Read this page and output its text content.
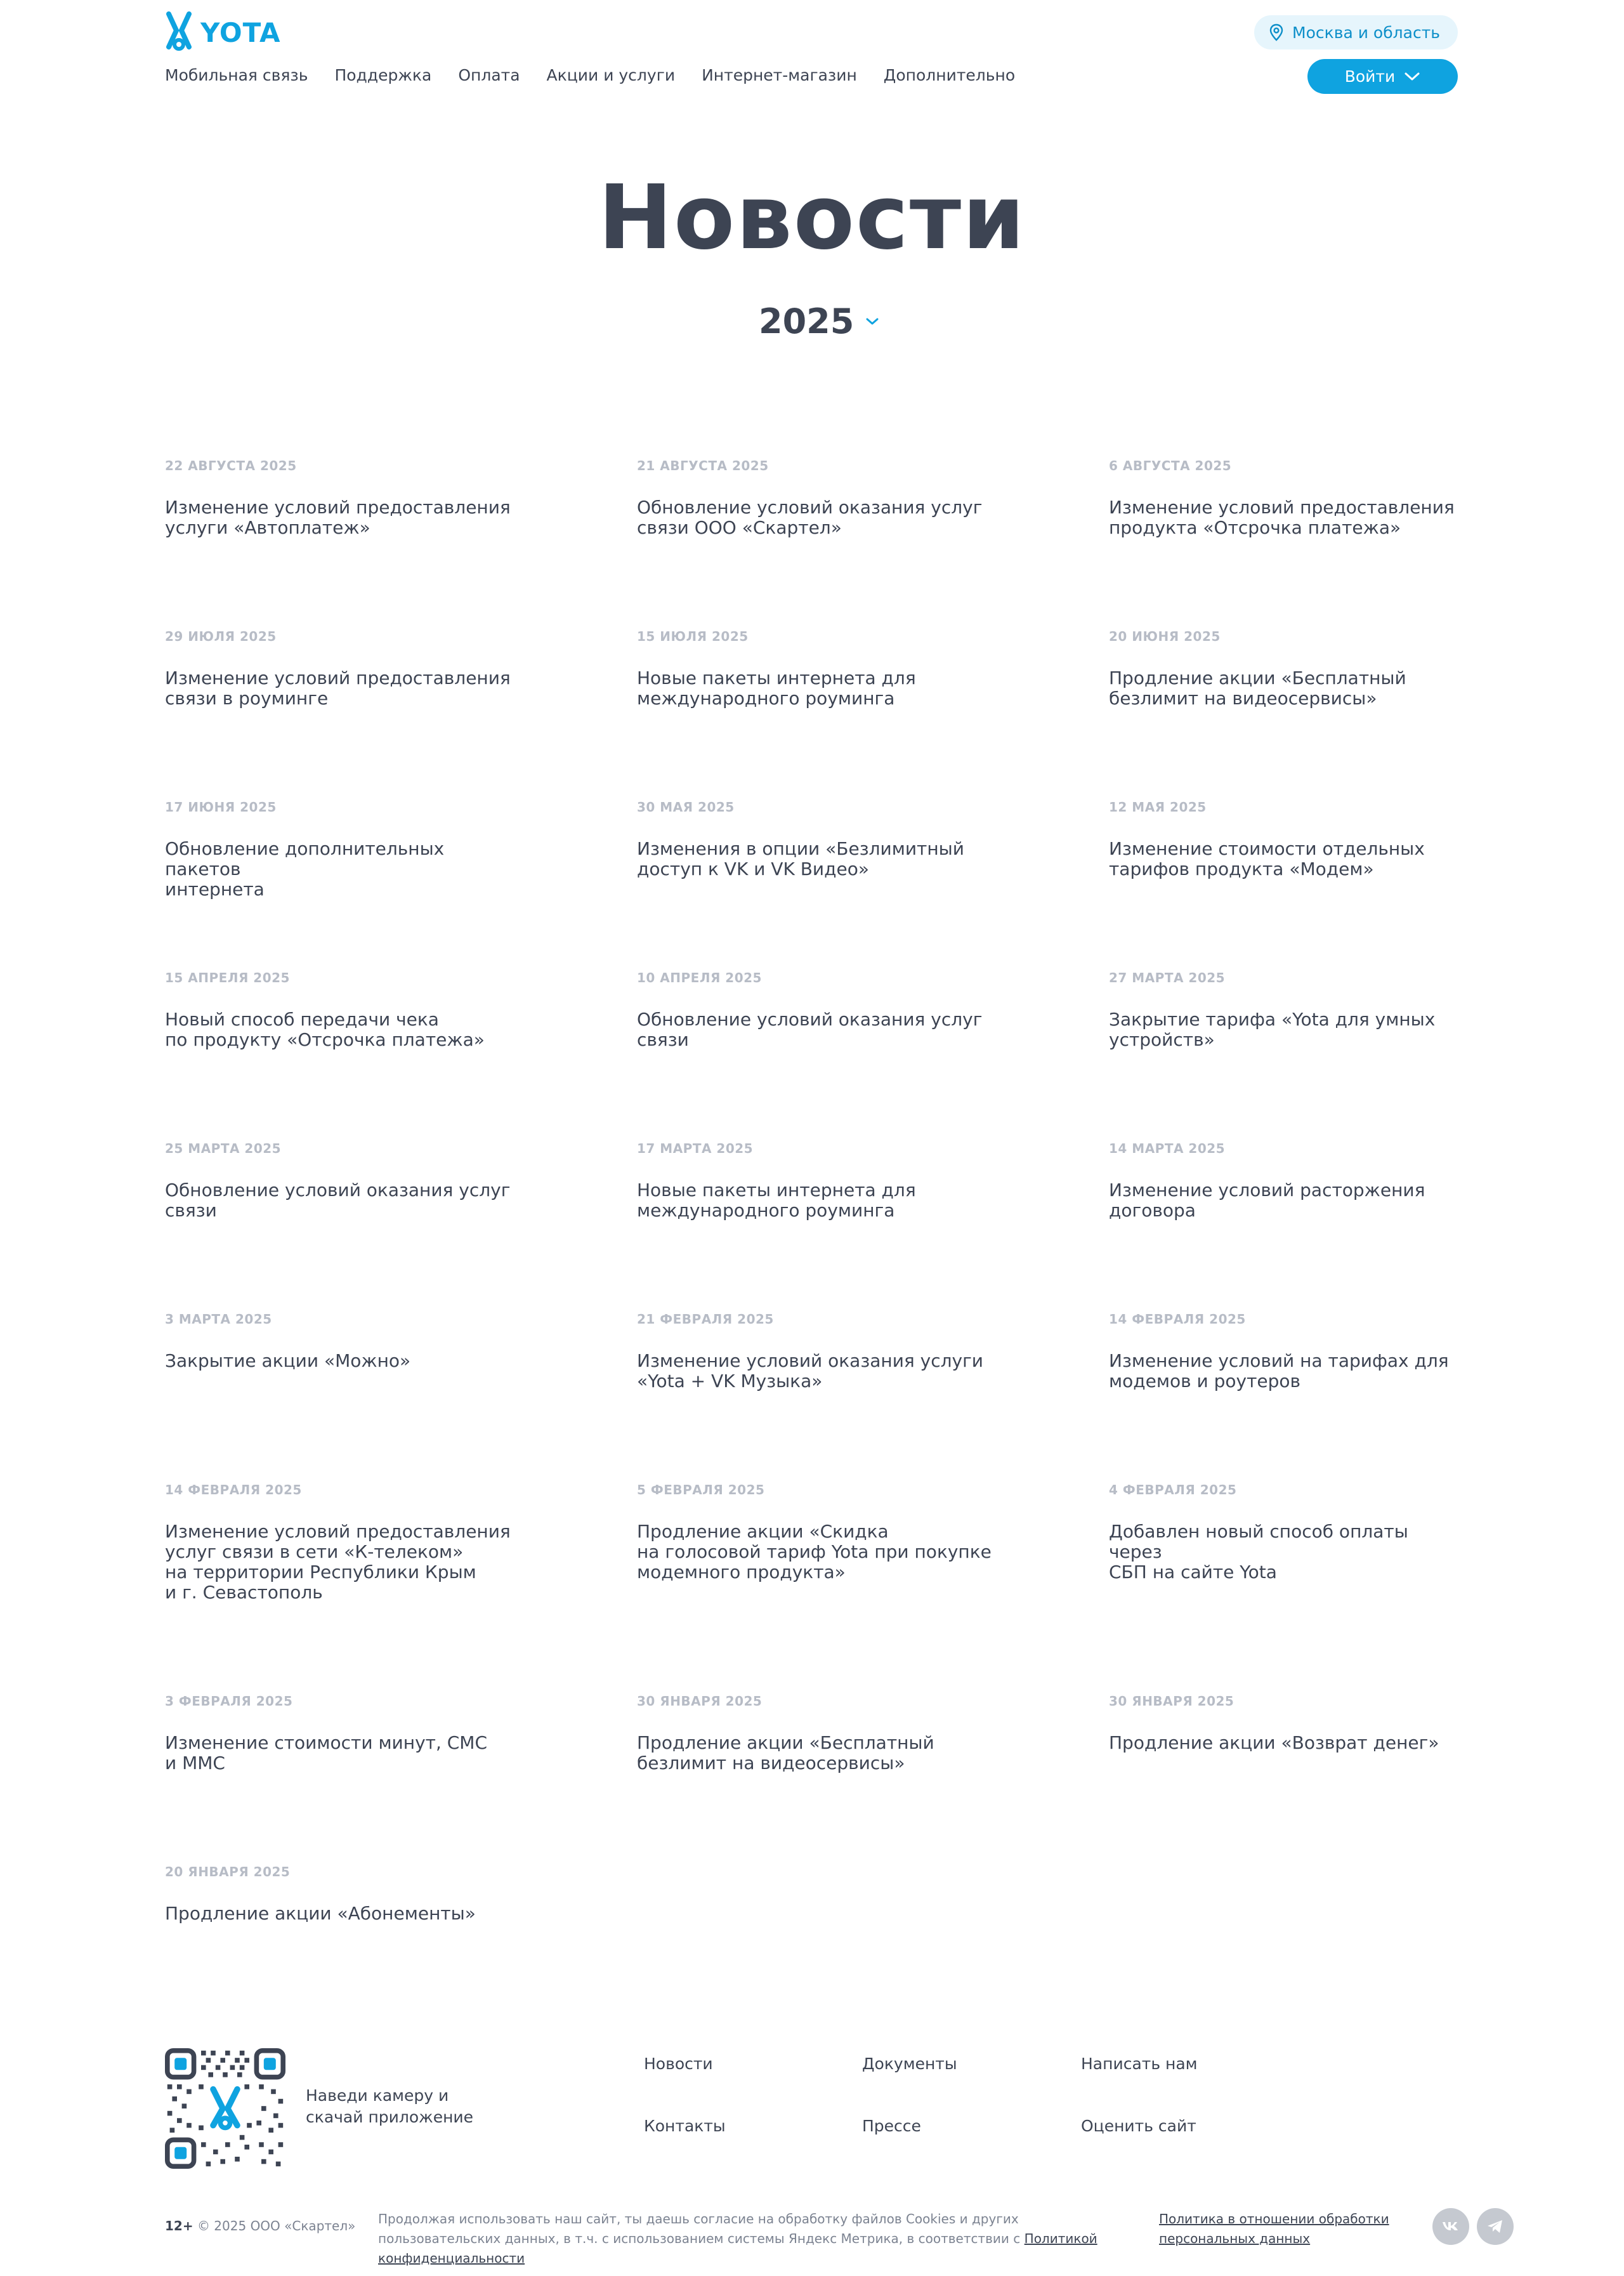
YOTA	Москва и область
Мобильная связь Поддержка Оплата Акции и услуги Интернет-магазин Дополнительно	Войти
Новости
2025
22 АВГУСТА 2025
Изменение условий предоставления
услуги «Автоплатеж»
21 АВГУСТА 2025
Обновление условий оказания услуг
связи ООО «Скартел»
6 АВГУСТА 2025
Изменение условий предоставления
продукта «Отсрочка платежа»
29 ИЮЛЯ 2025
Изменение условий предоставления
связи в роуминге
15 ИЮЛЯ 2025
Новые пакеты интернета для
международного роуминга
20 ИЮНЯ 2025
Продление акции «Бесплатный
безлимит на видеосервисы»
17 ИЮНЯ 2025
Обновление дополнительных пакетов
интернета
30 МАЯ 2025
Изменения в опции «Безлимитный
доступ к VK и VK Видео»
12 МАЯ 2025
Изменение стоимости отдельных
тарифов продукта «Модем»
15 АПРЕЛЯ 2025
Новый способ передачи чека
по продукту «Отсрочка платежа»
10 АПРЕЛЯ 2025
Обновление условий оказания услуг
связи
27 МАРТА 2025
Закрытие тарифа «Yota для умных
устройств»
25 МАРТА 2025
Обновление условий оказания услуг
связи
17 МАРТА 2025
Новые пакеты интернета для
международного роуминга
14 МАРТА 2025
Изменение условий расторжения
договора
3 МАРТА 2025
Закрытие акции «Можно»
21 ФЕВРАЛЯ 2025
Изменение условий оказания услуги
«Yota + VK Музыка»
14 ФЕВРАЛЯ 2025
Изменение условий на тарифах для
модемов и роутеров
14 ФЕВРАЛЯ 2025
Изменение условий предоставления
услуг связи в сети «К-телеком»
на территории Республики Крым
и г. Севастополь
5 ФЕВРАЛЯ 2025
Продление акции «Скидка
на голосовой тариф Yota при покупке
модемного продукта»
4 ФЕВРАЛЯ 2025
Добавлен новый способ оплаты через
СБП на сайте Yota
3 ФЕВРАЛЯ 2025
Изменение стоимости минут, СМС
и ММС
30 ЯНВАРЯ 2025
Продление акции «Бесплатный
безлимит на видеосервисы»
30 ЯНВАРЯ 2025
Продление акции «Возврат денег»
20 ЯНВАРЯ 2025
Продление акции «Абонементы»
Наведи камеру и
скачай приложение
Новости	Документы	Написать нам
Контакты	Прессе	Оценить сайт
12+ © 2025 ООО «Скартел» Продолжая использовать наш сайт, ты даешь согласие на обработку файлов Cookies и других пользовательских данных, в т.ч. с использованием системы Яндекс Метрика, в соответствии с Политикой конфиденциальности
Политика в отношении обработки персональных данных
